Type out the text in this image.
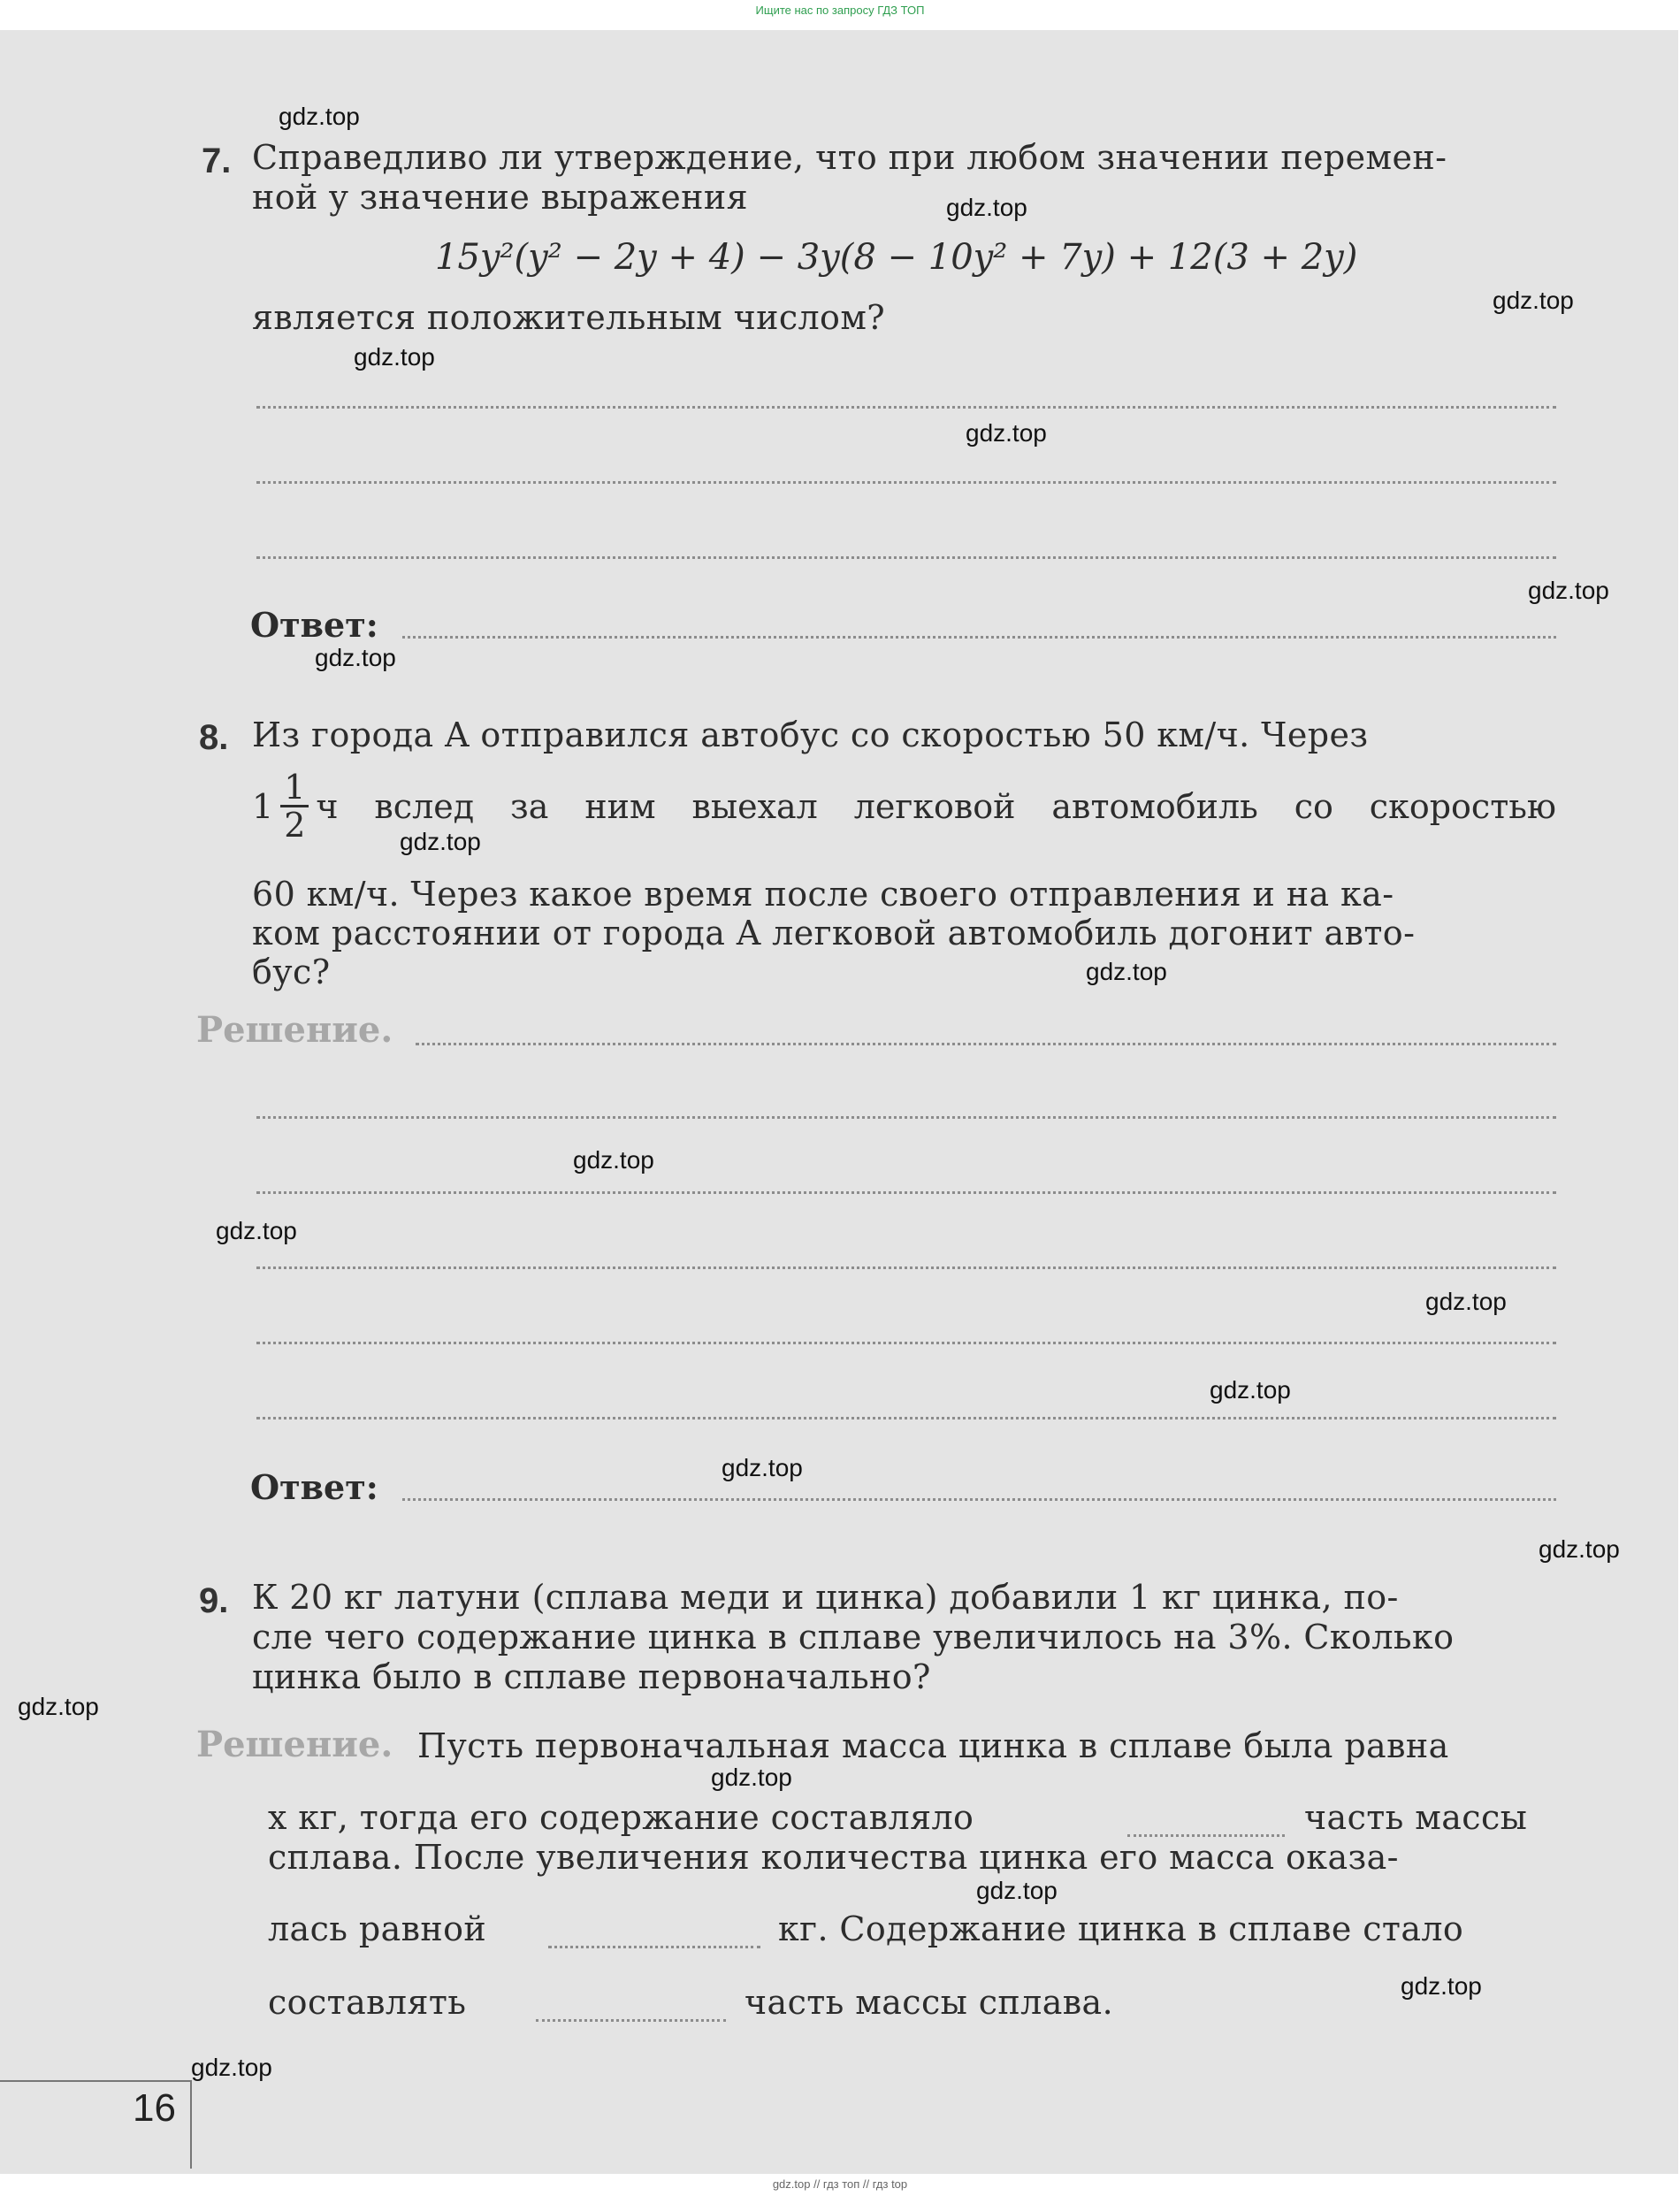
Ищите нас по запросу ГДЗ ТОП
7. Справедливо ли утверждение, что при любом значении перемен-
ной y значение выражения
15y²(y² − 2y + 4) − 3y(8 − 10y² + 7y) + 12(3 + 2y)
является положительным числом?
Ответ:
8. Из города A отправился автобус со скоростью 50 км/ч. Через
$1 \frac{1}{2}$ ч вслед за ним выехал легковой автомобиль со скоростью
60 км/ч. Через какое время после своего отправления и на ка-
ком расстоянии от города A легковой автомобиль догонит авто-
бус?
Решение.
Ответ:
9. К 20 кг латуни (сплава меди и цинка) добавили 1 кг цинка, по-
сле чего содержание цинка в сплаве увеличилось на 3%. Сколько
цинка было в сплаве первоначально?
Решение. Пусть первоначальная масса цинка в сплаве была равна
x кг, тогда его содержание составляло	часть массы
сплава. После увеличения количества цинка его масса оказа-
лась равной	кг. Содержание цинка в сплаве стало
составлять	часть массы сплава.
16
gdz.top
gdz.top
gdz.top
gdz.top
gdz.top
gdz.top
gdz.top
gdz.top
gdz.top
gdz.top
gdz.top
gdz.top
gdz.top
gdz.top
gdz.top
gdz.top
gdz.top
gdz.top
gdz.top
gdz.top
gdz.top // гдз топ // гдз top
